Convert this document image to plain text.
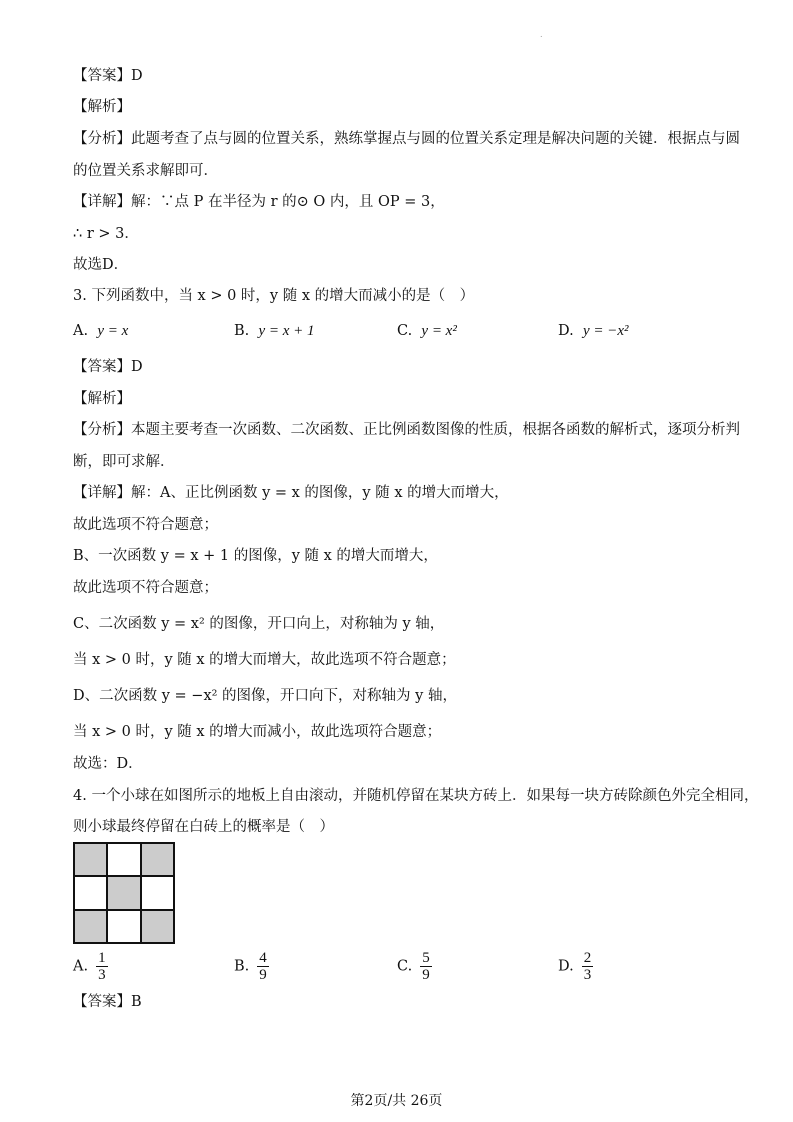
.
【答案】D
【解析】
【分析】此题考查了点与圆的位置关系，熟练掌握点与圆的位置关系定理是解决问题的关键．根据点与圆
的位置关系求解即可．
【详解】解：∵点 P 在半径为 r 的⊙ O 内，且 OP = 3，
∴ r > 3．
故选D．
3. 下列函数中，当 x > 0 时，y 随 x 的增大而减小的是（　）
A. y = x	B. y = x + 1	C. y = x²	D. y = −x²
【答案】D
【解析】
【分析】本题主要考查一次函数、二次函数、正比例函数图像的性质，根据各函数的解析式，逐项分析判
断，即可求解．
【详解】解：A、正比例函数 y = x 的图像，y 随 x 的增大而增大，
故此选项不符合题意；
B、一次函数 y = x + 1 的图像，y 随 x 的增大而增大，
故此选项不符合题意；
C、二次函数 y = x² 的图像，开口向上，对称轴为 y 轴，
当 x > 0 时，y 随 x 的增大而增大，故此选项不符合题意；
D、二次函数 y = −x² 的图像，开口向下，对称轴为 y 轴，
当 x > 0 时，y 随 x 的增大而减小，故此选项符合题意；
故选：D．
4. 一个小球在如图所示的地板上自由滚动，并随机停留在某块方砖上．如果每一块方砖除颜色外完全相同，
则小球最终停留在白砖上的概率是（　）
A. $\frac{1}{3}$	B. $\frac{4}{9}$	C. $\frac{5}{9}$	D. $\frac{2}{3}$
【答案】B
第2页/共 26页
